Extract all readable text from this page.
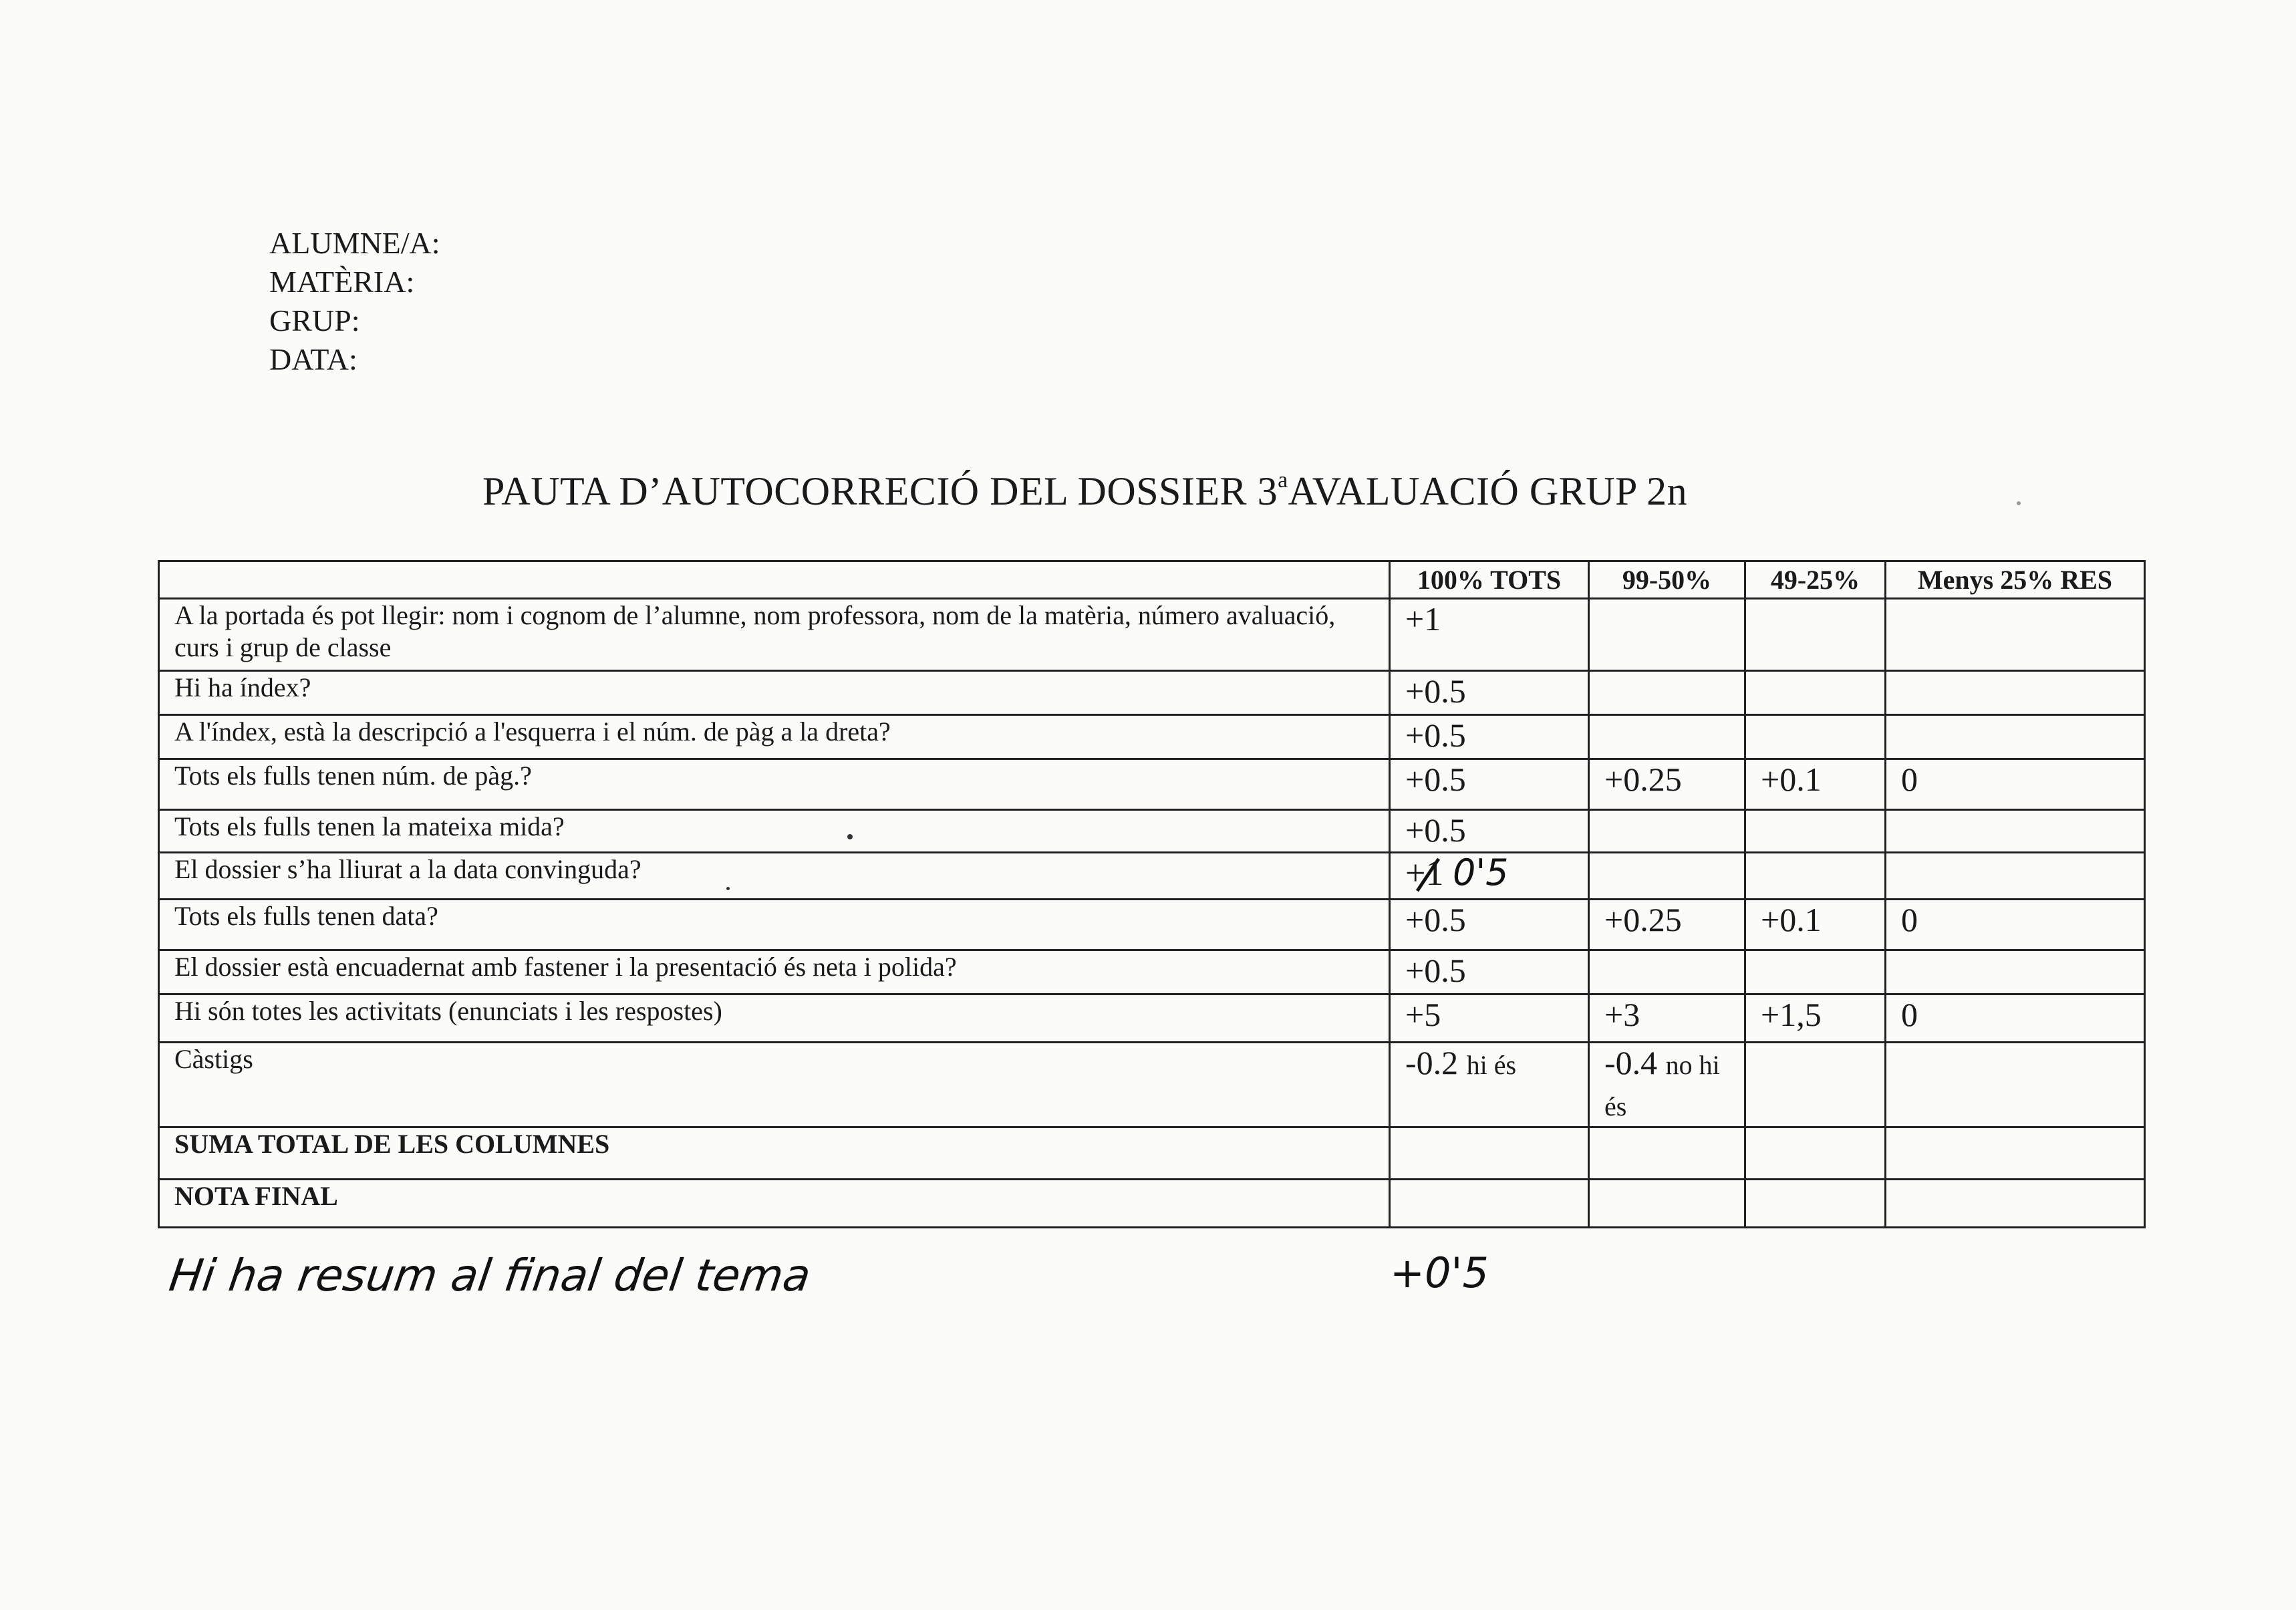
ALUMNE/A:
MATÈRIA:
GRUP:
DATA:
PAUTA D’AUTOCORRECIÓ DEL DOSSIER 3$^a$AVALUACIÓ GRUP 2n
	100% TOTS	99-50%	49-25%	Menys 25% RES
A la portada és pot llegir: nom i cognom de l’alumne, nom professora, nom de la matèria, número avaluació, curs i grup de classe	+1			
Hi ha índex?	+0.5			
A l'índex, està la descripció a l'esquerra i el núm. de pàg a la dreta?	+0.5			
Tots els fulls tenen núm. de pàg.?	+0.5	+0.25	+0.1	0
Tots els fulls tenen la mateixa mida?	+0.5			
El dossier s’ha lliurat a la data convinguda?	+1 0'5			
Tots els fulls tenen data?	+0.5	+0.25	+0.1	0
El dossier està encuadernat amb fastener i la presentació és neta i polida?	+0.5			
Hi són totes les activitats (enunciats i les respostes)	+5	+3	+1,5	0
Càstigs	-0.2 hi és	-0.4 no hi és		
SUMA TOTAL DE LES COLUMNES				
NOTA FINAL				
Hi ha resum al final del tema	+0'5
